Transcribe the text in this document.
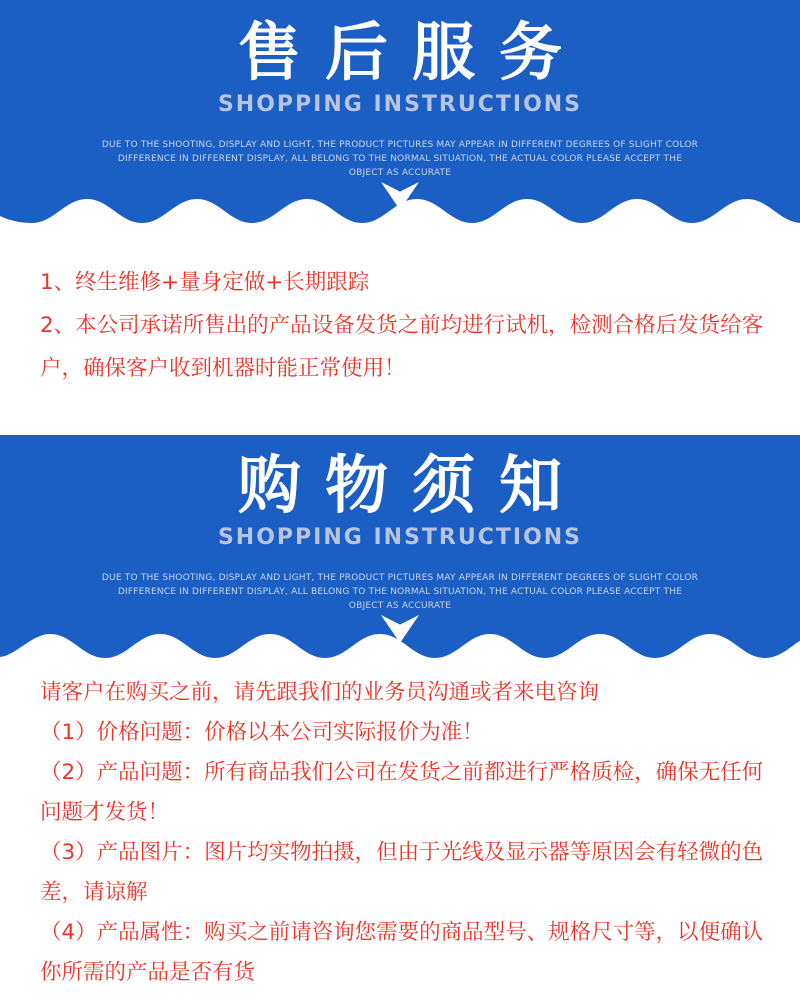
售后服务
SHOPPING INSTRUCTIONS
DUE TO THE SHOOTING, DISPLAY AND LIGHT, THE PRODUCT PICTURES MAY APPEAR IN DIFFERENT DEGREES OF SLIGHT COLOR DIFFERENCE IN DIFFERENT DISPLAY, ALL BELONG TO THE NORMAL SITUATION, THE ACTUAL COLOR PLEASE ACCEPT THE OBJECT AS ACCURATE

1、终生维修+量身定做+长期跟踪

2、本公司承诺所售出的产品设备发货之前均进行试机，检测合格后发货给客户，确保客户收到机器时能正常使用！

购物须知
SHOPPING INSTRUCTIONS
DUE TO THE SHOOTING, DISPLAY AND LIGHT, THE PRODUCT PICTURES MAY APPEAR IN DIFFERENT DEGREES OF SLIGHT COLOR DIFFERENCE IN DIFFERENT DISPLAY, ALL BELONG TO THE NORMAL SITUATION, THE ACTUAL COLOR PLEASE ACCEPT THE OBJECT AS ACCURATE

请客户在购买之前，请先跟我们的业务员沟通或者来电咨询

（1）价格问题：价格以本公司实际报价为准！

（2）产品问题：所有商品我们公司在发货之前都进行严格质检，确保无任何问题才发货！

（3）产品图片：图片均实物拍摄，但由于光线及显示器等原因会有轻微的色差，请谅解

（4）产品属性：购买之前请咨询您需要的商品型号、规格尺寸等，以便确认你所需的产品是否有货
